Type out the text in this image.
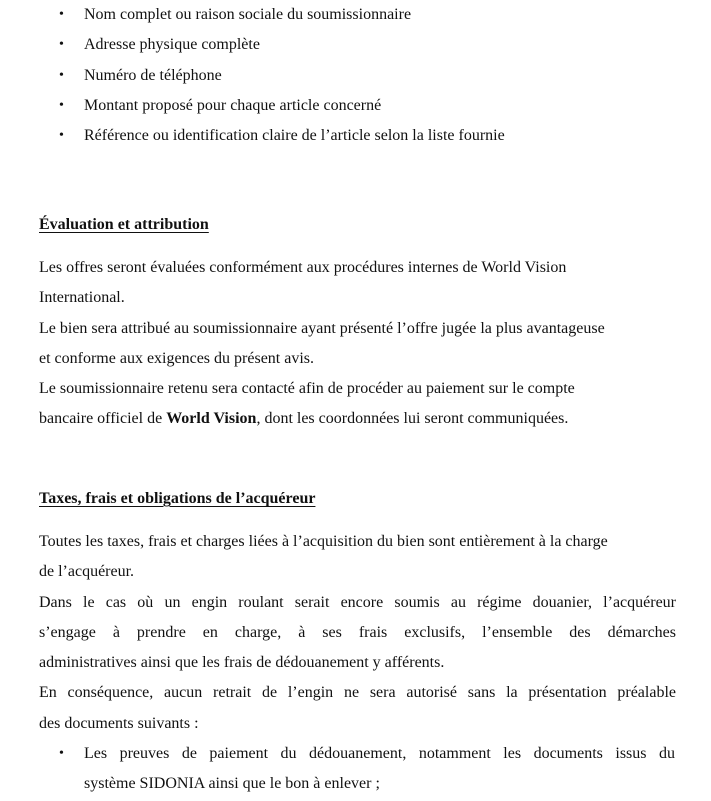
• Nom complet ou raison sociale du soumissionnaire
• Adresse physique complète
• Numéro de téléphone
• Montant proposé pour chaque article concerné
• Référence ou identification claire de l’article selon la liste fournie
Évaluation et attribution
Les offres seront évaluées conformément aux procédures internes de World Vision
International.
Le bien sera attribué au soumissionnaire ayant présenté l’offre jugée la plus avantageuse
et conforme aux exigences du présent avis.
Le soumissionnaire retenu sera contacté afin de procéder au paiement sur le compte
bancaire officiel de World Vision, dont les coordonnées lui seront communiquées.
Taxes, frais et obligations de l’acquéreur
Toutes les taxes, frais et charges liées à l’acquisition du bien sont entièrement à la charge
de l’acquéreur.
Dans le cas où un engin roulant serait encore soumis au régime douanier, l’acquéreur
s’engage à prendre en charge, à ses frais exclusifs, l’ensemble des démarches
administratives ainsi que les frais de dédouanement y afférents.
En conséquence, aucun retrait de l’engin ne sera autorisé sans la présentation préalable
des documents suivants :
• Les preuves de paiement du dédouanement, notamment les documents issus du
système SIDONIA ainsi que le bon à enlever ;
